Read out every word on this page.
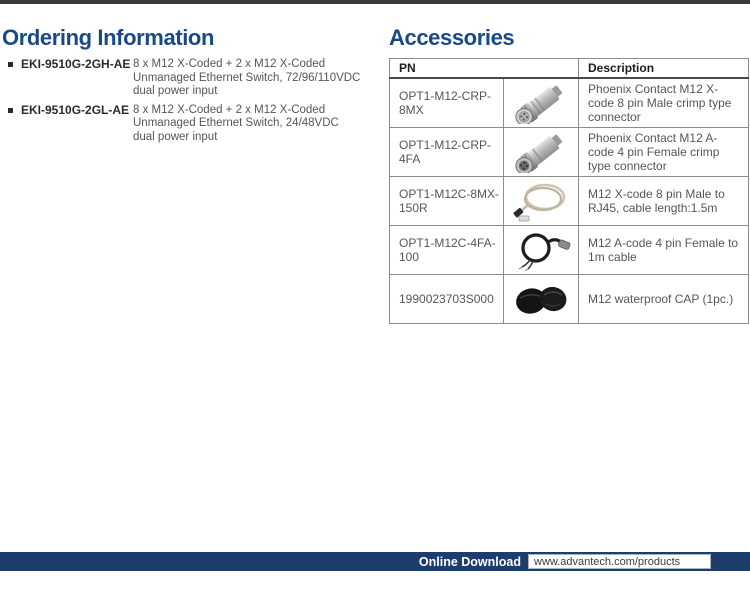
Ordering Information
EKI-9510G-2GH-AE 8 x M12 X-Coded + 2 x M12 X-Coded Unmanaged Ethernet Switch, 72/96/110VDC dual power input
EKI-9510G-2GL-AE 8 x M12 X-Coded + 2 x M12 X-Coded Unmanaged Ethernet Switch, 24/48VDC dual power input
Accessories
PN		Description
OPT1-M12-CRP-8MX		Phoenix Contact M12 X-code 8 pin Male crimp type connector
OPT1-M12-CRP-4FA		Phoenix Contact M12 A-code 4 pin Female crimp type connector
OPT1-M12C-8MX-150R		M12 X-code 8 pin Male to RJ45, cable length:1.5m
OPT1-M12C-4FA-100		M12 A-code 4 pin Female to 1m cable
1990023703S000		M12 waterproof CAP (1pc.)
Online Download	www.advantech.com/products
